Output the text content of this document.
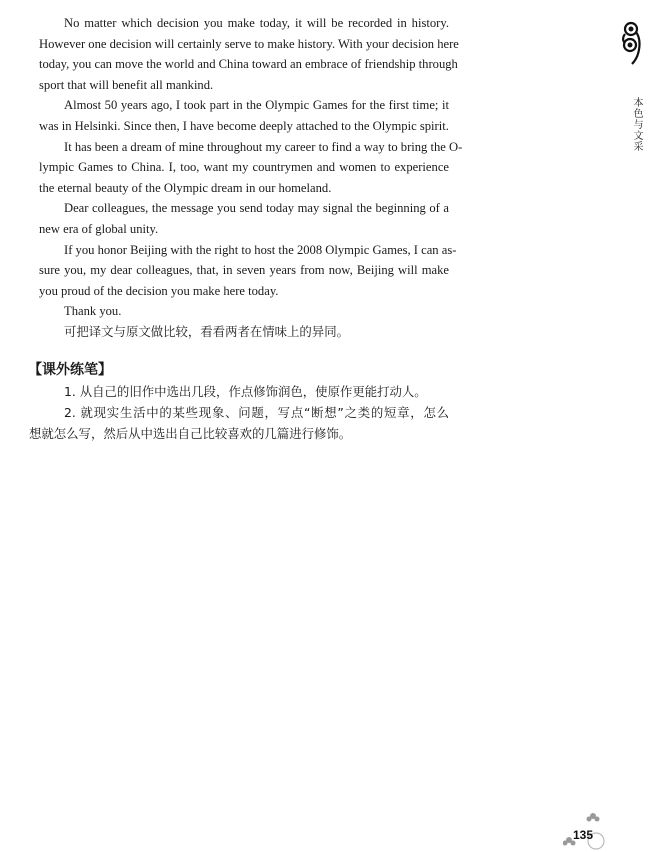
No matter which decision you make today, it will be recorded in history.
However one decision will certainly serve to make history. With your decision here
today, you can move the world and China toward an embrace of friendship through
sport that will benefit all mankind.
Almost 50 years ago, I took part in the Olympic Games for the first time; it
was in Helsinki. Since then, I have become deeply attached to the Olympic spirit.
It has been a dream of mine throughout my career to find a way to bring the O-
lympic Games to China. I, too, want my countrymen and women to experience
the eternal beauty of the Olympic dream in our homeland.
Dear colleagues, the message you send today may signal the beginning of a
new era of global unity.
If you honor Beijing with the right to host the 2008 Olympic Games, I can as-
sure you, my dear colleagues, that, in seven years from now, Beijing will make
you proud of the decision you make here today.
Thank you.
可把译文与原文做比较，看看两者在情味上的异同。
【课外练笔】
1. 从自己的旧作中选出几段，作点修饰润色，使原作更能打动人。
2. 就现实生活中的某些现象、问题，写点“断想”之类的短章，怎么
想就怎么写，然后从中选出自己比较喜欢的几篇进行修饰。
本色与文采
135
